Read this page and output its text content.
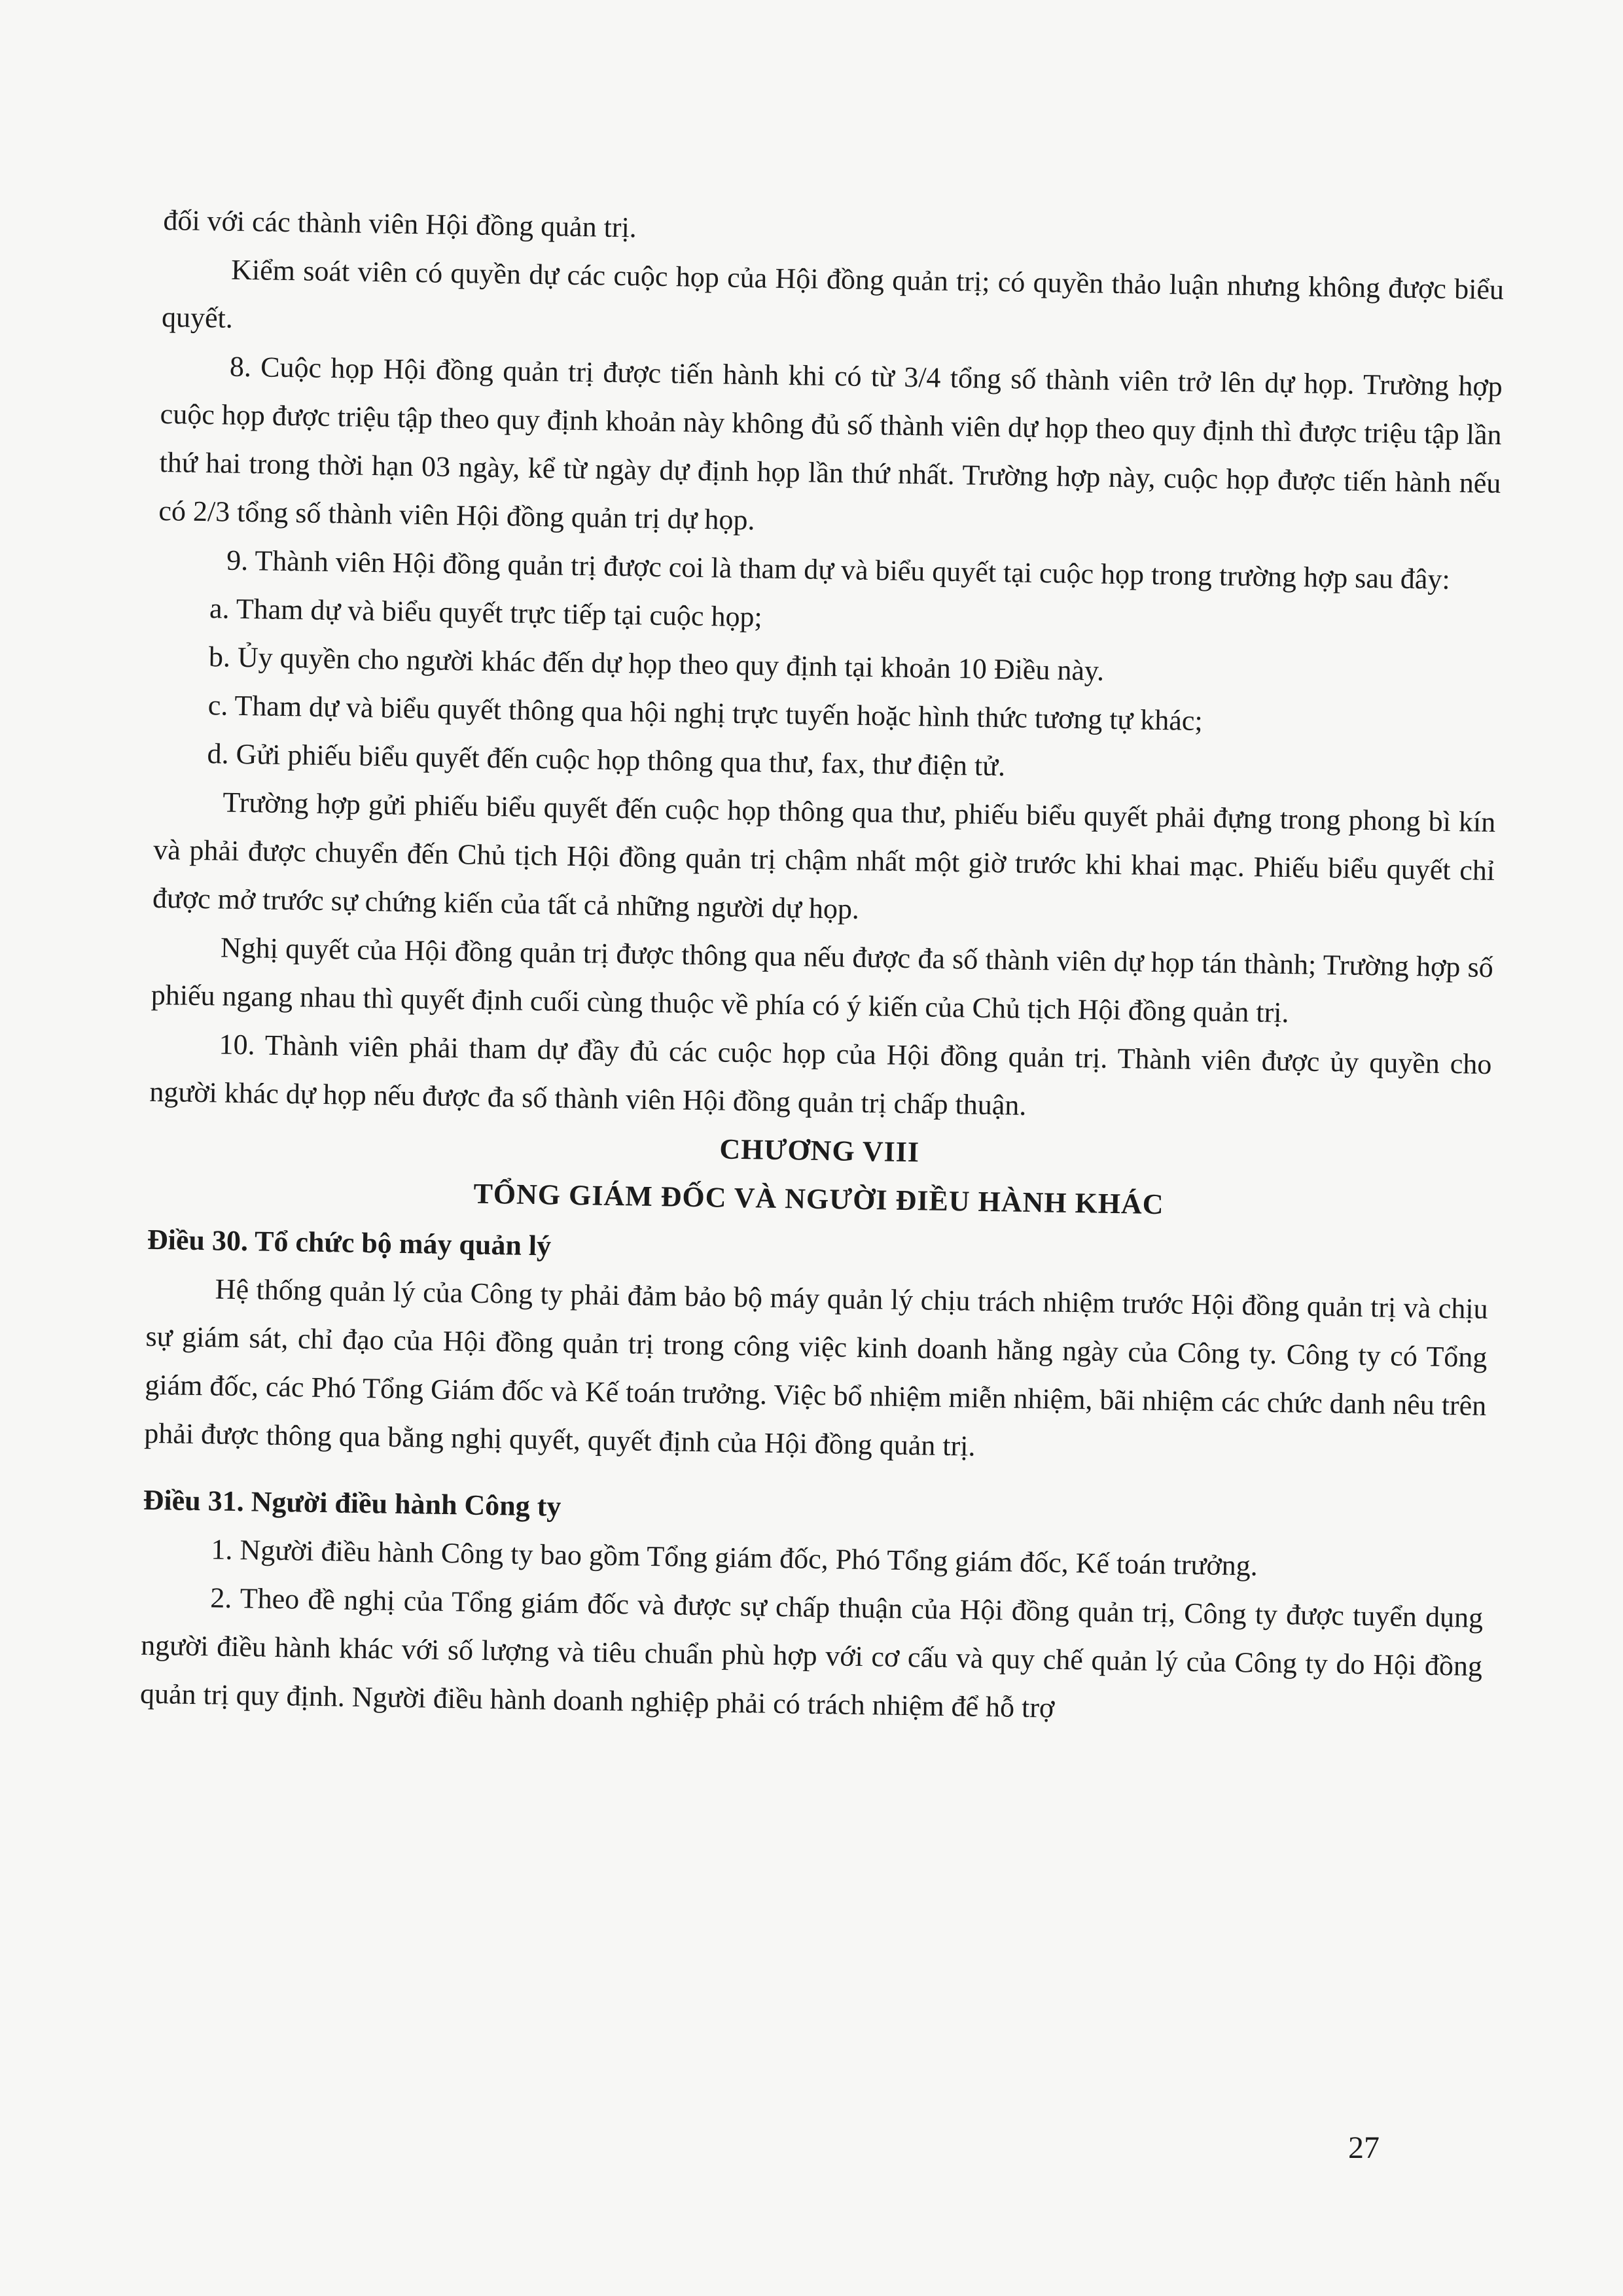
đối với các thành viên Hội đồng quản trị.

Kiểm soát viên có quyền dự các cuộc họp của Hội đồng quản trị; có quyền thảo luận nhưng không được biểu quyết.

8. Cuộc họp Hội đồng quản trị được tiến hành khi có từ 3/4 tổng số thành viên trở lên dự họp. Trường hợp cuộc họp được triệu tập theo quy định khoản này không đủ số thành viên dự họp theo quy định thì được triệu tập lần thứ hai trong thời hạn 03 ngày, kể từ ngày dự định họp lần thứ nhất. Trường hợp này, cuộc họp được tiến hành nếu có 2/3 tổng số thành viên Hội đồng quản trị dự họp.

9. Thành viên Hội đồng quản trị được coi là tham dự và biểu quyết tại cuộc họp trong trường hợp sau đây:

a. Tham dự và biểu quyết trực tiếp tại cuộc họp;

b. Ủy quyền cho người khác đến dự họp theo quy định tại khoản 10 Điều này.

c. Tham dự và biểu quyết thông qua hội nghị trực tuyến hoặc hình thức tương tự khác;

d. Gửi phiếu biểu quyết đến cuộc họp thông qua thư, fax, thư điện tử.

Trường hợp gửi phiếu biểu quyết đến cuộc họp thông qua thư, phiếu biểu quyết phải đựng trong phong bì kín và phải được chuyển đến Chủ tịch Hội đồng quản trị chậm nhất một giờ trước khi khai mạc. Phiếu biểu quyết chỉ được mở trước sự chứng kiến của tất cả những người dự họp.

Nghị quyết của Hội đồng quản trị được thông qua nếu được đa số thành viên dự họp tán thành; Trường hợp số phiếu ngang nhau thì quyết định cuối cùng thuộc về phía có ý kiến của Chủ tịch Hội đồng quản trị.

10. Thành viên phải tham dự đầy đủ các cuộc họp của Hội đồng quản trị. Thành viên được ủy quyền cho người khác dự họp nếu được đa số thành viên Hội đồng quản trị chấp thuận.

CHƯƠNG VIII

TỔNG GIÁM ĐỐC VÀ NGƯỜI ĐIỀU HÀNH KHÁC

Điều 30. Tổ chức bộ máy quản lý

Hệ thống quản lý của Công ty phải đảm bảo bộ máy quản lý chịu trách nhiệm trước Hội đồng quản trị và chịu sự giám sát, chỉ đạo của Hội đồng quản trị trong công việc kinh doanh hằng ngày của Công ty. Công ty có Tổng giám đốc, các Phó Tổng Giám đốc và Kế toán trưởng. Việc bổ nhiệm miễn nhiệm, bãi nhiệm các chức danh nêu trên phải được thông qua bằng nghị quyết, quyết định của Hội đồng quản trị.

Điều 31. Người điều hành Công ty

1. Người điều hành Công ty bao gồm Tổng giám đốc, Phó Tổng giám đốc, Kế toán trưởng.

2. Theo đề nghị của Tổng giám đốc và được sự chấp thuận của Hội đồng quản trị, Công ty được tuyển dụng người điều hành khác với số lượng và tiêu chuẩn phù hợp với cơ cấu và quy chế quản lý của Công ty do Hội đồng quản trị quy định. Người điều hành doanh nghiệp phải có trách nhiệm để hỗ trợ

27
